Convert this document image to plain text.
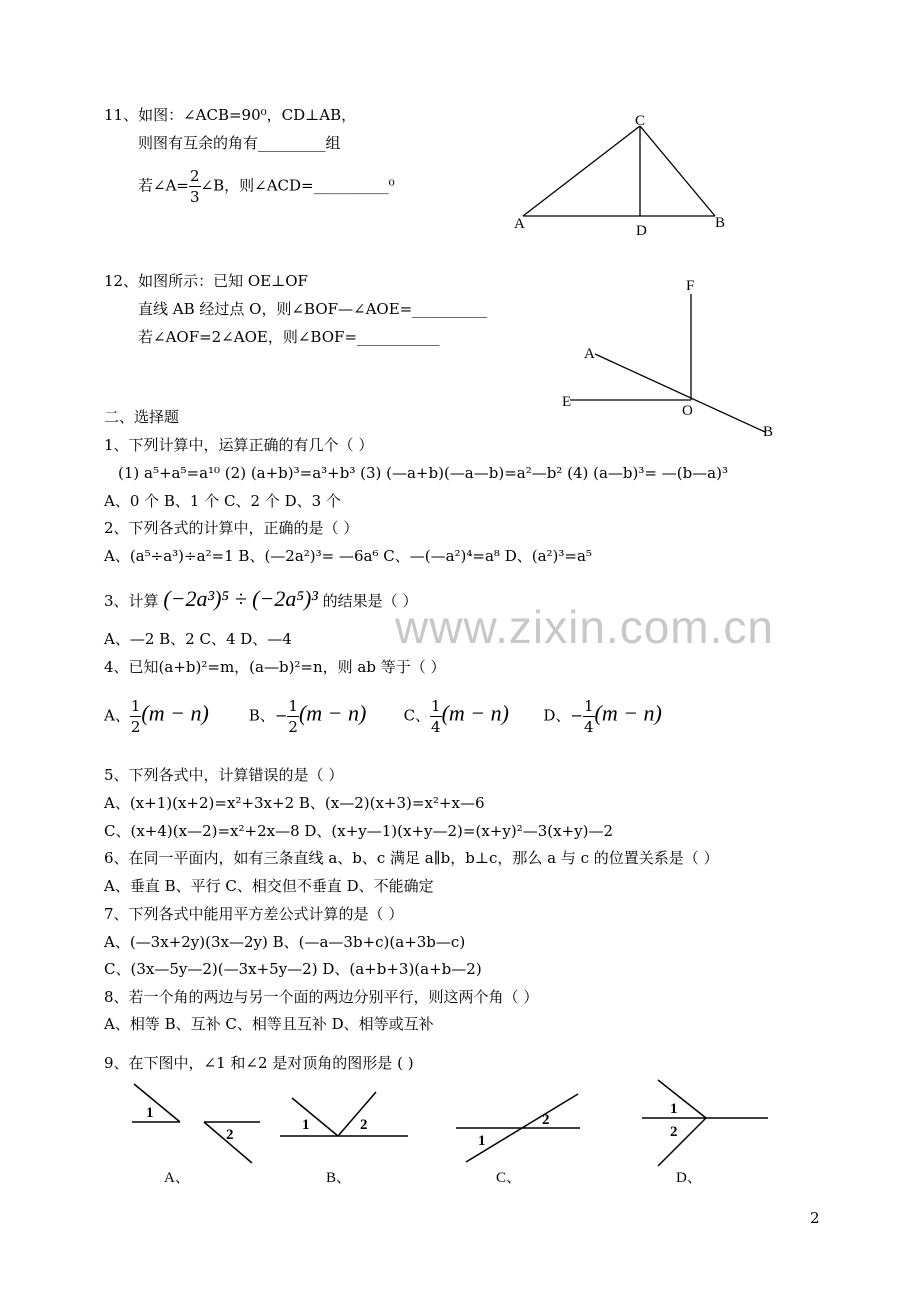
11、如图：∠ACB=90⁰，CD⊥AB，
则图有互余的角有_________组
若∠A= $\frac{2}{3}$ ∠B，则∠ACD=__________⁰
C
A	D	B
12、如图所示：已知 OE⊥OF
直线 AB 经过点 O，则∠BOF—∠AOE=__________
若∠AOF=2∠AOE，则∠BOF=___________
F
A
E
O
B
二、选择题
1、下列计算中，运算正确的有几个（ ）
(1) a⁵+a⁵=a¹⁰ (2) (a+b)³=a³+b³ (3) (—a+b)(—a—b)=a²—b² (4) (a—b)³= —(b—a)³
A、0 个 B、1 个 C、2 个 D、3 个
2、下列各式的计算中，正确的是（ ）
A、(a⁵÷a³)÷a²=1 B、(—2a²)³= —6a⁶ C、—(—a²)⁴=a⁸ D、(a²)³=a⁵
3、计算 (−2a³)⁵ ÷ (−2a⁵)³ 的结果是（ ）
A、—2 B、2 C、4 D、—4 www.zixin.com.cn
4、已知(a+b)²=m，(a—b)²=n，则 ab 等于（ ）
A、 $\frac{1}{2} (m - n)$	B、− $\frac{1}{2} (m - n)$ C、 $\frac{1}{4} (m - n)$ D、− $\frac{1}{4} (m - n)$
5、下列各式中，计算错误的是（ ）
A、(x+1)(x+2)=x²+3x+2 B、(x—2)(x+3)=x²+x—6
C、(x+4)(x—2)=x²+2x—8 D、(x+y—1)(x+y—2)=(x+y)²—3(x+y)—2
6、在同一平面内，如有三条直线 a、b、c 满足 a∥b，b⊥c，那么 a 与 c 的位置关系是（ ）
A、垂直 B、平行 C、相交但不垂直 D、不能确定
7、下列各式中能用平方差公式计算的是（ ）
A、(—3x+2y)(3x—2y) B、(—a—3b+c)(a+3b—c)
C、(3x—5y—2)(—3x+5y—2) D、(a+b+3)(a+b—2)
8、若一个角的两边与另一个面的两边分别平行，则这两个角（ ）
A、相等 B、互补 C、相等且互补 D、相等或互补
9、在下图中，∠1 和∠2 是对顶角的图形是 ( )
1
2
A、
1	2
B、
1
2
C、
1
2
D、
2
